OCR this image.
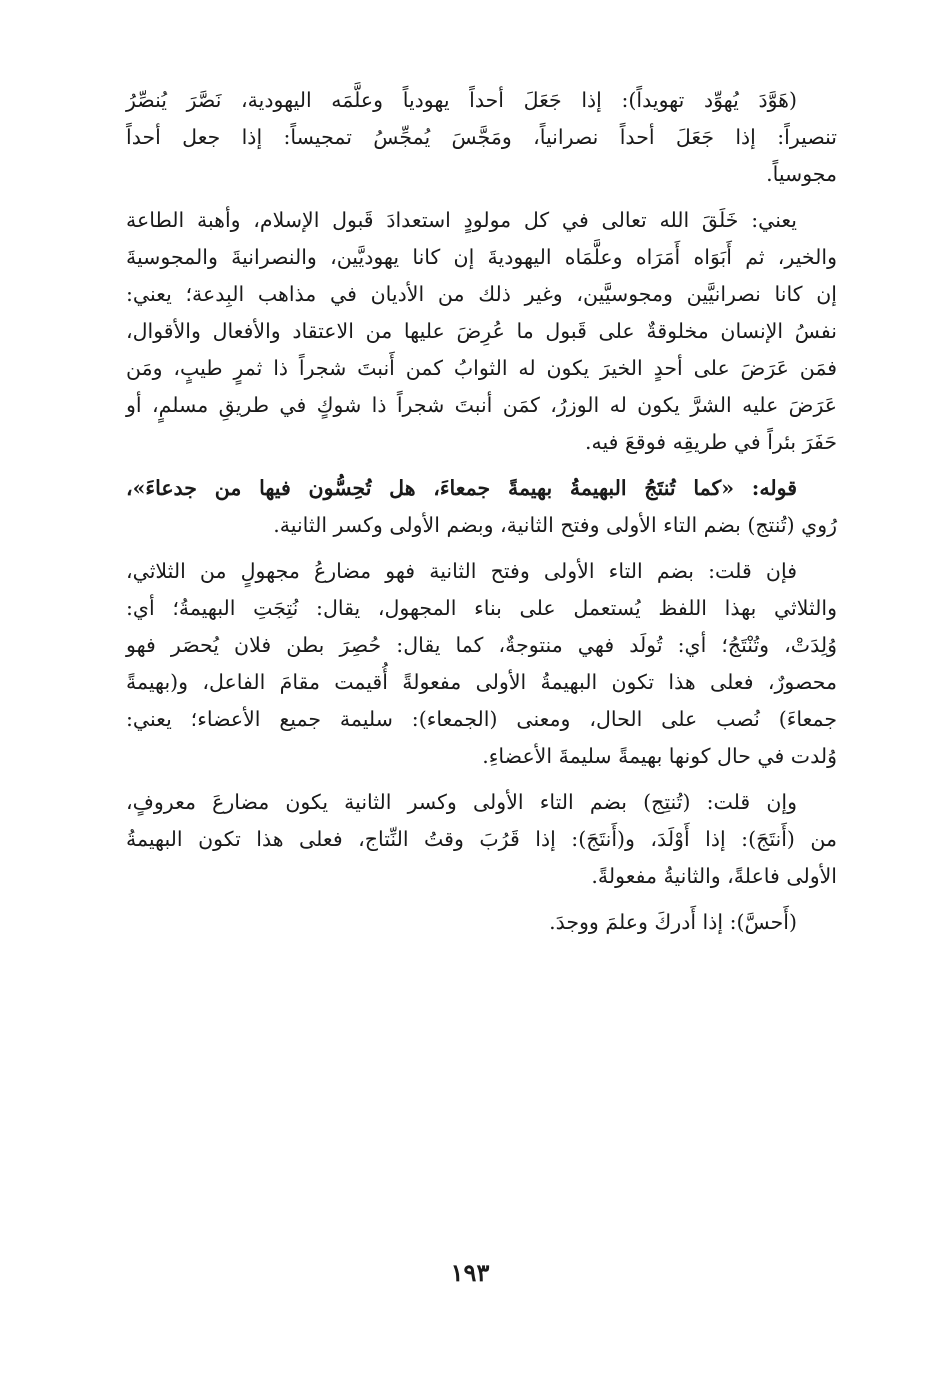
(هَوَّدَ يُهوِّد تهويداً): إذا جَعَلَ أحداً يهودياً وعلَّمَه اليهودية، نَصَّرَ يُنصِّرُ
تنصيراً: إذا جَعَلَ أحداً نصرانياً، ومَجَّسَ يُمجِّسُ تمجيساً: إذا جعل أحداً
مجوسياً.
يعني: خَلَقَ الله تعالى في كل مولودٍ استعدادَ قَبول الإسلام، وأهبة الطاعة
والخير، ثم أَبَوَاه أَمَرَاه وعلَّمَاه اليهوديةَ إن كانا يهوديَّين، والنصرانيةَ والمجوسيةَ
إن كانا نصرانيَّين ومجوسيَّين، وغير ذلك من الأديان في مذاهب البِدعة؛ يعني:
نفسُ الإنسان مخلوقةٌ على قَبول ما عُرِضَ عليها من الاعتقاد والأفعال والأقوال،
فمَن عَرَضَ على أحدٍ الخيرَ يكون له الثوابُ كمن أَنبتَ شجراً ذا ثمرٍ طيبٍ، ومَن
عَرَضَ عليه الشرَّ يكون له الوزرُ، كمَن أنبتَ شجراً ذا شوكٍ في طريقِ مسلمٍ، أو
حَفَرَ بئراً في طريقِه فوقعَ فيه.
قوله: «كما تُنتَجُ البهيمةُ بهيمةً جمعاءَ، هل تُحِسُّون فيها من جدعاءَ»،
رُوي (تُنتج) بضم التاء الأولى وفتح الثانية، وبضم الأولى وكسر الثانية.
فإن قلت: بضم التاء الأولى وفتح الثانية فهو مضارعُ مجهولٍ من الثلاثي،
والثلاثي بهذا اللفظ يُستعمل على بناء المجهول، يقال: نُتِجَتِ البهيمةُ؛ أي:
وُلِدَتْ، وتُنْتَجُ؛ أي: تُولَد فهي منتوجةٌ، كما يقال: حُصِرَ بطن فلان يُحصَر فهو
محصورٌ، فعلى هذا تكون البهيمةُ الأولى مفعولةً أُقيمت مقامَ الفاعل، و(بهيمةً
جمعاءَ) نُصب على الحال، ومعنى (الجمعاء): سليمة جميع الأعضاء؛ يعني:
وُلدت في حال كونها بهيمةً سليمةَ الأعضاءِ.
وإن قلت: (تُنتِج) بضم التاء الأولى وكسر الثانية يكون مضارعَ معروفٍ،
من (أَنتَجَ): إذا أَوْلَدَ، و(أَنتَجَ): إذا قَرُبَ وقتُ النِّتاج، فعلى هذا تكون البهيمةُ
الأولى فاعلةً، والثانيةُ مفعولةً.
(أَحسَّ): إذا أَدركَ وعلمَ ووجدَ.
١٩٣
